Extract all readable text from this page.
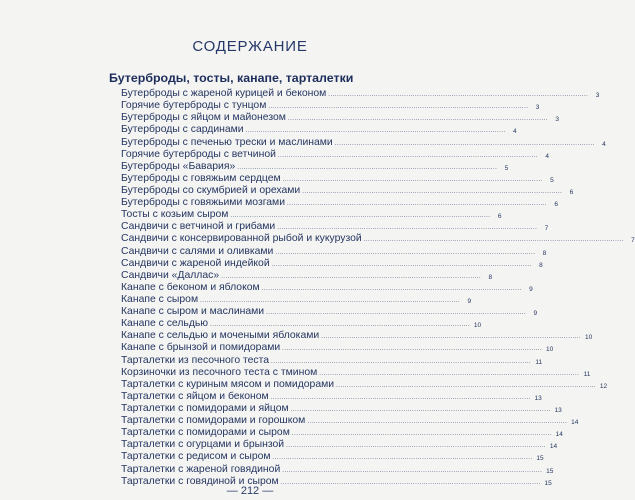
СОДЕРЖАНИЕ
Бутерброды, тосты, канапе, тарталетки
Бутерброды с жареной курицей и беконом ........................................................................................................................	3
Горячие бутерброды с тунцом ........................................................................................................................	3
Бутерброды с яйцом и майонезом ........................................................................................................................	3
Бутерброды с сардинами ........................................................................................................................	4
Бутерброды с печенью трески и маслинами ........................................................................................................................	4
Горячие бутерброды с ветчиной ........................................................................................................................	4
Бутерброды «Бавария» ........................................................................................................................	5
Бутерброды с говяжьим сердцем ........................................................................................................................	5
Бутерброды со скумбрией и орехами ........................................................................................................................	6
Бутерброды с говяжьими мозгами ........................................................................................................................	6
Тосты с козьим сыром ........................................................................................................................	6
Сандвичи с ветчиной и грибами ........................................................................................................................	7
Сандвичи с консервированной рыбой и кукурузой ........................................................................................................................	7
Сандвичи с салями и оливками ........................................................................................................................	8
Сандвичи с жареной индейкой ........................................................................................................................	8
Сандвичи «Даллас» ........................................................................................................................	8
Канапе с беконом и яблоком ........................................................................................................................	9
Канапе с сыром ........................................................................................................................	9
Канапе с сыром и маслинами ........................................................................................................................	9
Канапе с сельдью ........................................................................................................................ 10
Канапе с сельдью и мочеными яблоками ........................................................................................................................ 10
Канапе с брынзой и помидорами ........................................................................................................................ 10
Тарталетки из песочного теста ........................................................................................................................ 11
Корзиночки из песочного теста с тмином ........................................................................................................................ 11
Тарталетки с куриным мясом и помидорами ........................................................................................................................ 12
Тарталетки с яйцом и беконом ........................................................................................................................ 13
Тарталетки с помидорами и яйцом ........................................................................................................................ 13
Тарталетки с помидорами и горошком ........................................................................................................................ 14
Тарталетки с помидорами и сыром ........................................................................................................................ 14
Тарталетки с огурцами и брынзой ........................................................................................................................ 14
Тарталетки с редисом и сыром ........................................................................................................................ 15
Тарталетки с жареной говядиной ........................................................................................................................ 15
Тарталетки с говядиной и сыром ........................................................................................................................ 15
— 212 —
